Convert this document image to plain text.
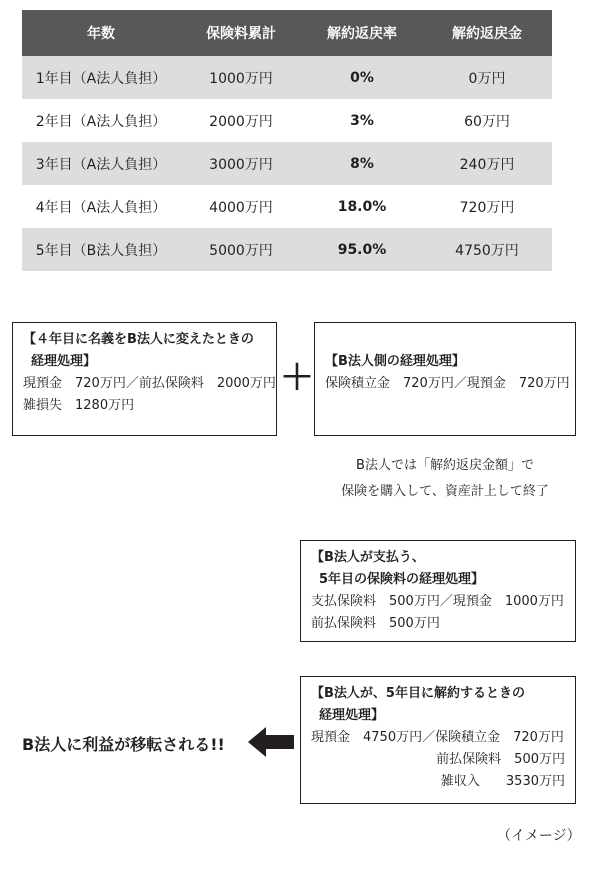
年数	保険料累計	解約返戻率	解約返戻金
1年目（A法人負担）	1000万円	0%	0万円
2年目（A法人負担）	2000万円	3%	60万円
3年目（A法人負担）	3000万円	8%	240万円
4年目（A法人負担）	4000万円	18.0%	720万円
5年目（B法人負担）	5000万円	95.0%	4750万円
【４年目に名義をB法人に変えたときの
経理処理】
現預金　720万円／前払保険料　2000万円
雑損失　1280万円
＋ 【B法人側の経理処理】
保険積立金　720万円／現預金　720万円
B法人では「解約返戻金額」で
保険を購入して、資産計上して終了
【B法人が支払う、
5年目の保険料の経理処理】
支払保険料　500万円／現預金　1000万円
前払保険料　500万円
【B法人が、5年目に解約するときの
経理処理】
現預金　4750万円／保険積立金　720万円
前払保険料　500万円
雑収入　　3530万円
B法人に利益が移転される!!
（イメージ）
